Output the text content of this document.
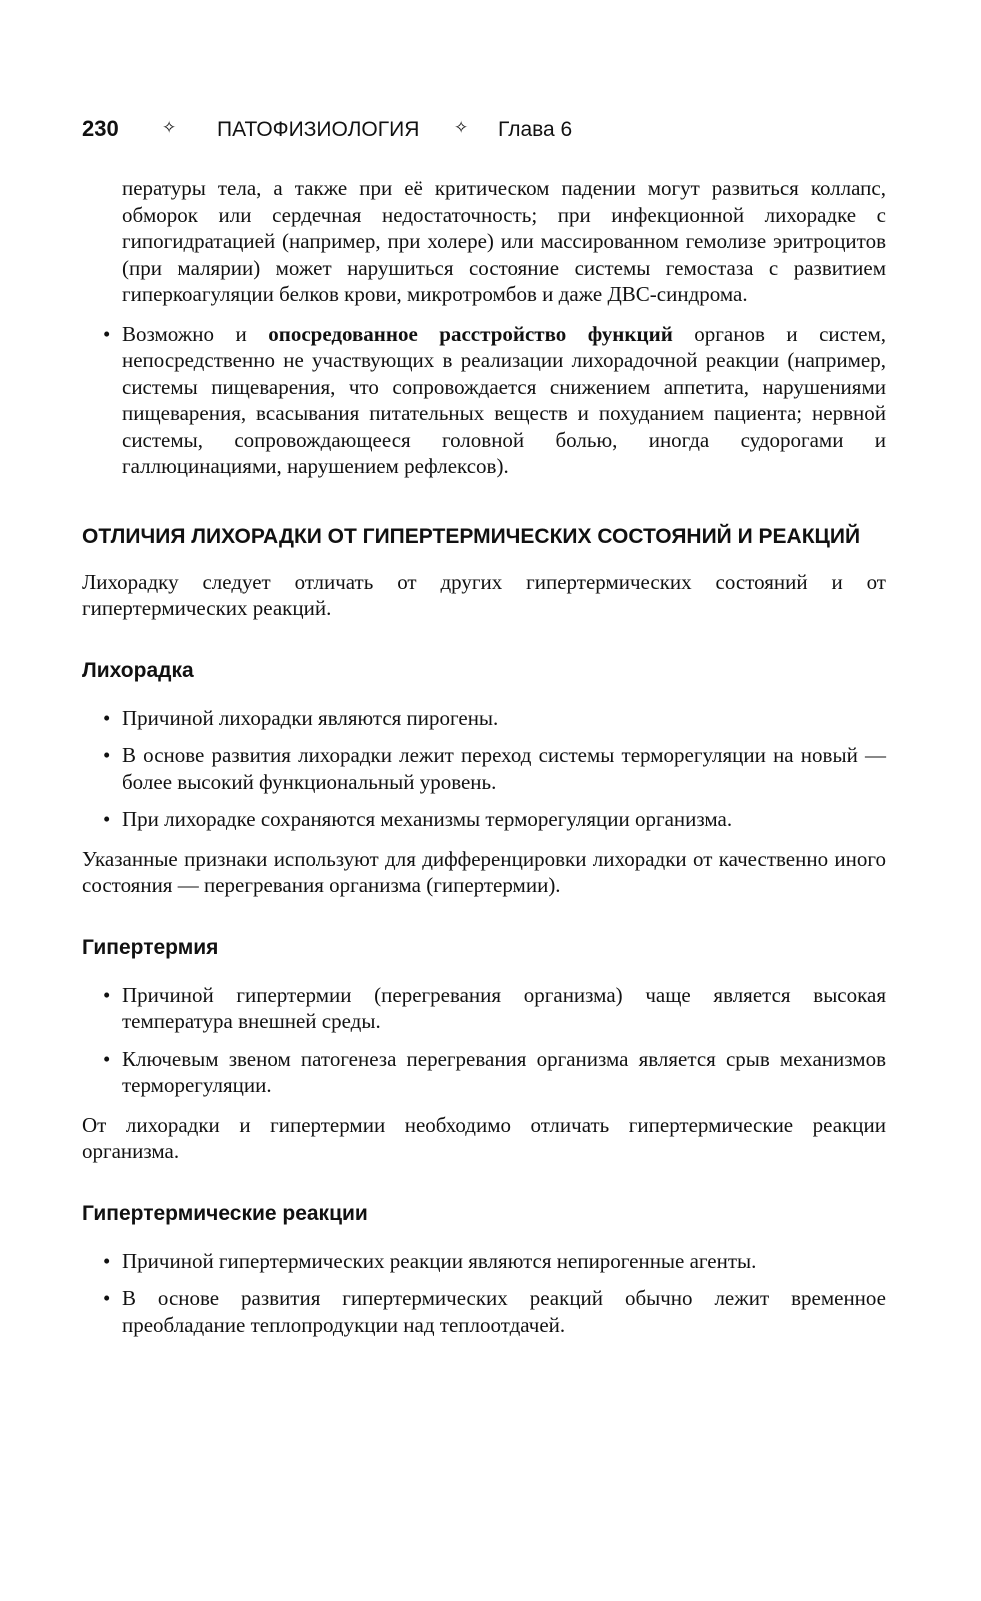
230	✧ ПАТОФИЗИОЛОГИЯ ✧ Глава 6

пературы тела, а также при её критическом падении могут развиться коллапс, обморок или сердечная недостаточность; при инфекционной лихорадке с гипогидратацией (например, при холере) или массированном гемолизе эритроцитов (при малярии) может нарушиться состояние системы гемостаза с развитием гиперкоагуляции белков крови, микротромбов и даже ДВС-синдрома.

• Возможно и опосредованное расстройство функций органов и систем, непосредственно не участвующих в реализации лихорадочной реакции (например, системы пищеварения, что сопровождается снижением аппетита, нарушениями пищеварения, всасывания питательных веществ и похуданием пациента; нервной системы, сопровождающееся головной болью, иногда судорогами и галлюцинациями, нарушением рефлексов).
ОТЛИЧИЯ ЛИХОРАДКИ ОТ ГИПЕРТЕРМИЧЕСКИХ СОСТОЯНИЙ И РЕАКЦИЙ

Лихорадку следует отличать от других гипертермических состояний и от гипертермических реакций.

Лихорадка
• Причиной лихорадки являются пирогены.
• В основе развития лихорадки лежит переход системы терморегуляции на новый — более высокий функциональный уровень.
• При лихорадке сохраняются механизмы терморегуляции организма.

Указанные признаки используют для дифференцировки лихорадки от качественно иного состояния — перегревания организма (гипертермии).

Гипертермия
• Причиной гипертермии (перегревания организма) чаще является высокая температура внешней среды.
• Ключевым звеном патогенеза перегревания организма является срыв механизмов терморегуляции.

От лихорадки и гипертермии необходимо отличать гипертермические реакции организма.

Гипертермические реакции
• Причиной гипертермических реакции являются непирогенные агенты.
• В основе развития гипертермических реакций обычно лежит временное преобладание теплопродукции над теплоотдачей.
